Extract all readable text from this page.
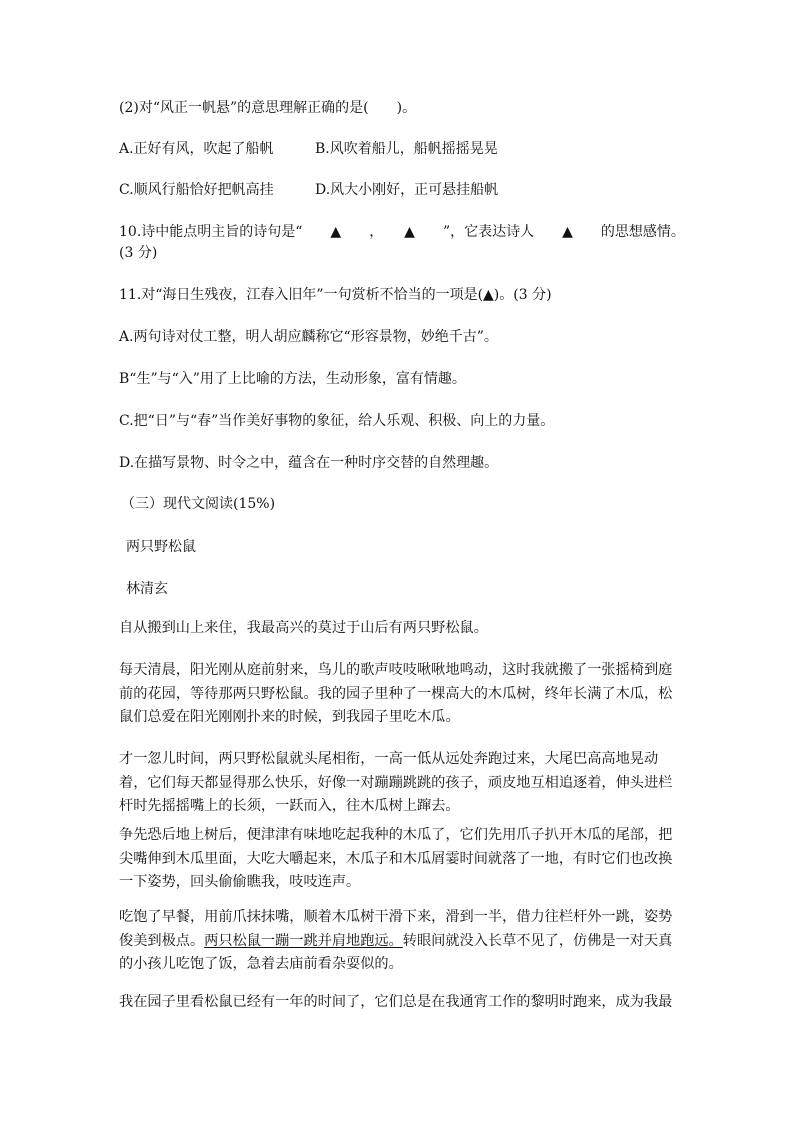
(2)对“风正一帆悬”的意思理解正确的是(　　)。
A.正好有风，吹起了船帆	B.风吹着船儿，船帆摇摇晃晃
C.顺风行船恰好把帆高挂	D.风大小刚好，正可悬挂船帆
10.诗中能点明主旨的诗句是“　　▲　　，　　▲　　”，它表达诗人　　▲　　的思想感情。
(3 分)
11.对“海日生残夜，江春入旧年”一句赏析不恰当的一项是(▲)。(3 分)
A.两句诗对仗工整，明人胡应麟称它“形容景物，妙绝千古”。
B“生”与“入”用了上比喻的方法，生动形象，富有情趣。
C.把“日”与“春”当作美好事物的象征，给人乐观、积极、向上的力量。
D.在描写景物、时令之中，蕴含在一种时序交替的自然理趣。
（三）现代文阅读(15%)
两只野松鼠
林清玄
自从搬到山上来住，我最高兴的莫过于山后有两只野松鼠。
每天清晨，阳光刚从庭前射来，鸟儿的歌声吱吱啾啾地鸣动，这时我就搬了一张摇椅到庭前的花园，等待那两只野松鼠。我的园子里种了一棵高大的木瓜树，终年长满了木瓜，松鼠们总爱在阳光刚刚扑来的时候，到我园子里吃木瓜。
才一忽儿时间，两只野松鼠就头尾相衔，一高一低从远处奔跑过来，大尾巴高高地晃动着，它们每天都显得那么快乐，好像一对蹦蹦跳跳的孩子，顽皮地互相追逐着，伸头进栏杆时先摇摇嘴上的长须，一跃而入，往木瓜树上蹿去。
争先恐后地上树后，便津津有味地吃起我种的木瓜了，它们先用爪子扒开木瓜的尾部，把尖嘴伸到木瓜里面，大吃大嚼起来，木瓜子和木瓜屑霎时间就落了一地，有时它们也改换一下姿势，回头偷偷瞧我，吱吱连声。
吃饱了早餐，用前爪抹抹嘴，顺着木瓜树干滑下来，滑到一半，借力往栏杆外一跳，姿势俊美到极点。两只松鼠一蹦一跳并肩地跑远。转眼间就没入长草不见了，仿佛是一对天真的小孩儿吃饱了饭，急着去庙前看杂耍似的。
我在园子里看松鼠已经有一年的时间了，它们总是在我通宵工作的黎明时跑来，成为我最
